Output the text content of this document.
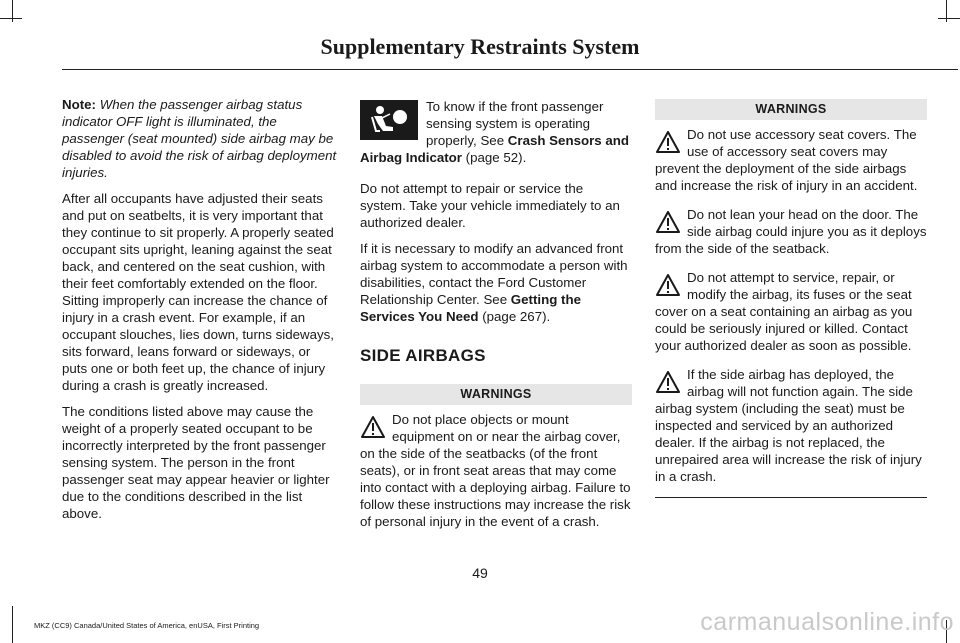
Supplementary Restraints System

Note: When the passenger airbag status indicator OFF light is illuminated, the passenger (seat mounted) side airbag may be disabled to avoid the risk of airbag deployment injuries.

After all occupants have adjusted their seats and put on seatbelts, it is very important that they continue to sit properly. A properly seated occupant sits upright, leaning against the seat back, and centered on the seat cushion, with their feet comfortably extended on the floor. Sitting improperly can increase the chance of injury in a crash event. For example, if an occupant slouches, lies down, turns sideways, sits forward, leans forward or sideways, or puts one or both feet up, the chance of injury during a crash is greatly increased.

The conditions listed above may cause the weight of a properly seated occupant to be incorrectly interpreted by the front passenger sensing system. The person in the front passenger seat may appear heavier or lighter due to the conditions described in the list above.

To know if the front passenger sensing system is operating properly, See Crash Sensors and Airbag Indicator (page 52).

Do not attempt to repair or service the system. Take your vehicle immediately to an authorized dealer.

If it is necessary to modify an advanced front airbag system to accommodate a person with disabilities, contact the Ford Customer Relationship Center. See Getting the Services You Need (page 267).

SIDE AIRBAGS
WARNINGS
Do not place objects or mount equipment on or near the airbag cover, on the side of the seatbacks (of the front seats), or in front seat areas that may come into contact with a deploying airbag. Failure to follow these instructions may increase the risk of personal injury in the event of a crash.
WARNINGS
Do not use accessory seat covers. The use of accessory seat covers may prevent the deployment of the side airbags and increase the risk of injury in an accident.
Do not lean your head on the door. The side airbag could injure you as it deploys from the side of the seatback.
Do not attempt to service, repair, or modify the airbag, its fuses or the seat cover on a seat containing an airbag as you could be seriously injured or killed. Contact your authorized dealer as soon as possible.
If the side airbag has deployed, the airbag will not function again. The side airbag system (including the seat) must be inspected and serviced by an authorized dealer. If the airbag is not replaced, the unrepaired area will increase the risk of injury in a crash.
49
MKZ (CC9) Canada/United States of America, enUSA, First Printing	carmanualsonline.info
